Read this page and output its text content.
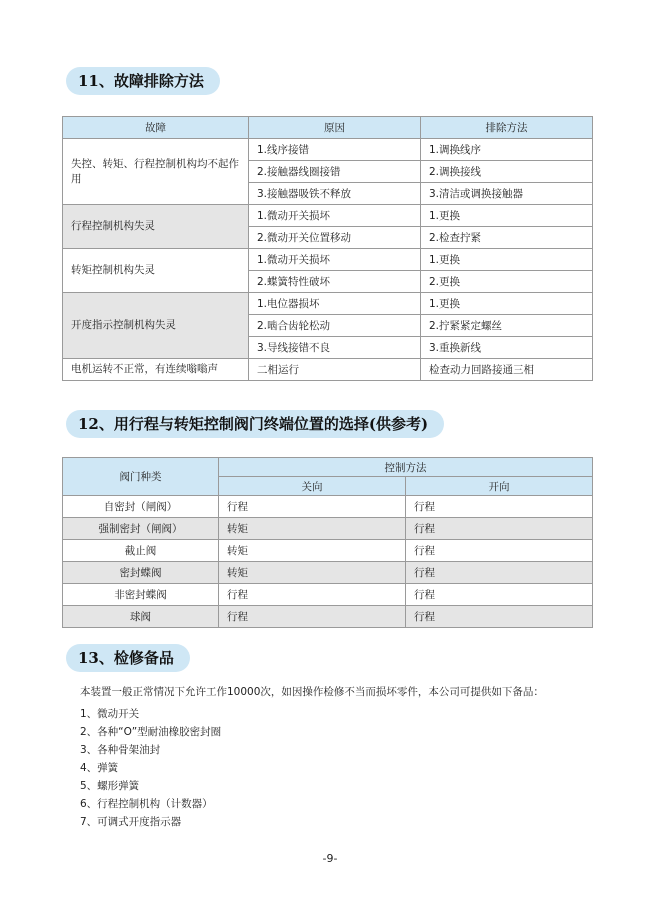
11、故障排除方法
故障	原因	排除方法
失控、转矩、行程控制机构均不起作用	1.线序接错	1.调换线序
	2.接触器线圈接错	2.调换接线
	3.接触器吸铁不释放	3.清洁或调换接触器
行程控制机构失灵	1.微动开关损坏	1.更换
	2.微动开关位置移动	2.检查拧紧
转矩控制机构失灵	1.微动开关损坏	1.更换
	2.蝶簧特性破坏	2.更换
开度指示控制机构失灵	1.电位器损坏	1.更换
	2.啮合齿轮松动	2.拧紧紧定螺丝
	3.导线接错不良	3.重换新线
电机运转不正常，有连续嗡嗡声	二相运行	检查动力回路接通三相
12、用行程与转矩控制阀门终端位置的选择(供参考)
阀门种类	控制方法	
	关向	开向
自密封（闸阀）	行程	行程
强制密封（闸阀）	转矩	行程
截止阀	转矩	行程
密封蝶阀	转矩	行程
非密封蝶阀	行程	行程
球阀	行程	行程
13、检修备品
本装置一般正常情况下允许工作10000次，如因操作检修不当而损坏零件，本公司可提供如下备品：
1、微动开关
2、各种“O”型耐油橡胶密封圈
3、各种骨架油封
4、弹簧
5、螺形弹簧
6、行程控制机构（计数器）
7、可调式开度指示器
-9-
